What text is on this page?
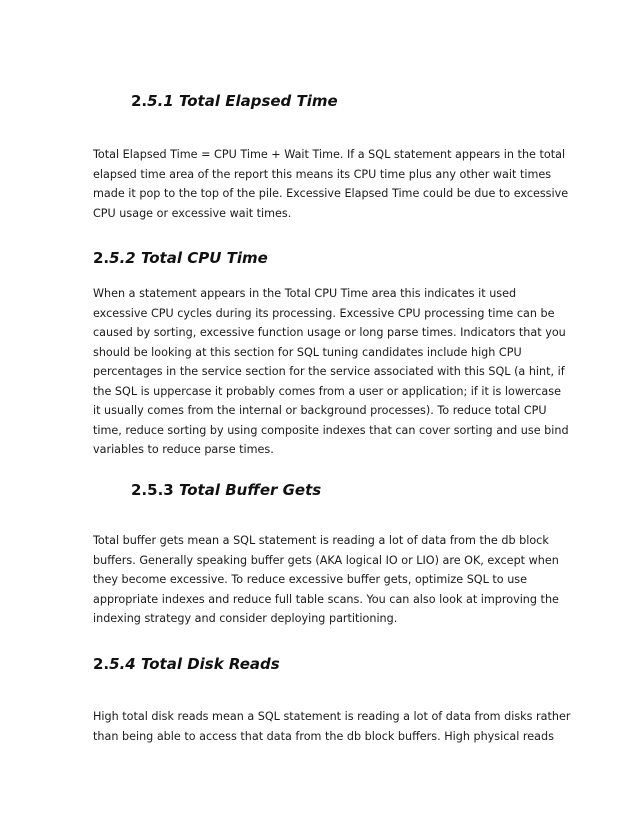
2.5.1 Total Elapsed Time

Total Elapsed Time = CPU Time + Wait Time. If a SQL statement appears in the total
elapsed time area of the report this means its CPU time plus any other wait times
made it pop to the top of the pile. Excessive Elapsed Time could be due to excessive
CPU usage or excessive wait times.

2.5.2 Total CPU Time

When a statement appears in the Total CPU Time area this indicates it used
excessive CPU cycles during its processing. Excessive CPU processing time can be
caused by sorting, excessive function usage or long parse times. Indicators that you
should be looking at this section for SQL tuning candidates include high CPU
percentages in the service section for the service associated with this SQL (a hint, if
the SQL is uppercase it probably comes from a user or application; if it is lowercase
it usually comes from the internal or background processes). To reduce total CPU
time, reduce sorting by using composite indexes that can cover sorting and use bind
variables to reduce parse times.

2.5.3 Total Buffer Gets

Total buffer gets mean a SQL statement is reading a lot of data from the db block
buffers. Generally speaking buffer gets (AKA logical IO or LIO) are OK, except when
they become excessive. To reduce excessive buffer gets, optimize SQL to use
appropriate indexes and reduce full table scans. You can also look at improving the
indexing strategy and consider deploying partitioning.

2.5.4 Total Disk Reads

High total disk reads mean a SQL statement is reading a lot of data from disks rather
than being able to access that data from the db block buffers. High physical reads
